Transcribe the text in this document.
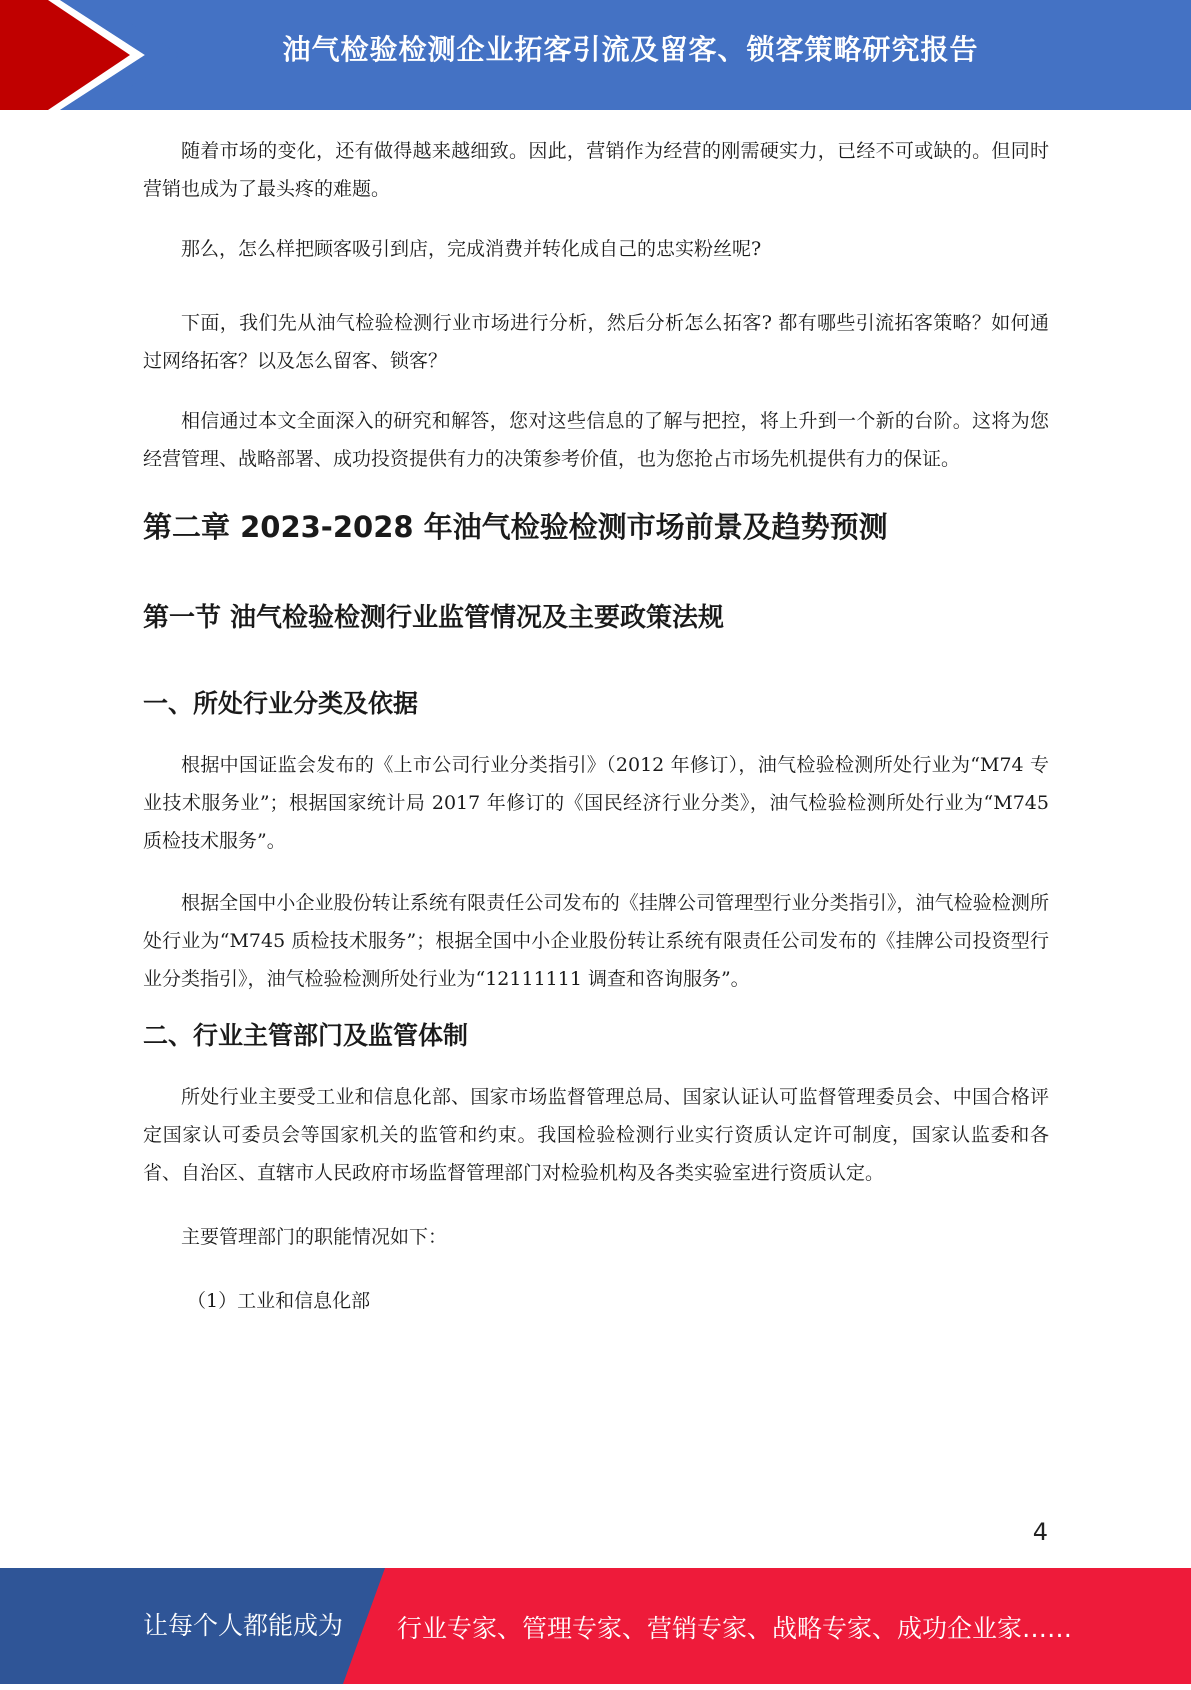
油气检验检测企业拓客引流及留客、锁客策略研究报告

随着市场的变化，还有做得越来越细致。因此，营销作为经营的刚需硬实力，已经不可或缺的。但同时营销也成为了最头疼的难题。

那么，怎么样把顾客吸引到店，完成消费并转化成自己的忠实粉丝呢?

下面，我们先从油气检验检测行业市场进行分析，然后分析怎么拓客? 都有哪些引流拓客策略？如何通过网络拓客？以及怎么留客、锁客？

相信通过本文全面深入的研究和解答，您对这些信息的了解与把控，将上升到一个新的台阶。这将为您经营管理、战略部署、成功投资提供有力的决策参考价值，也为您抢占市场先机提供有力的保证。

第二章 2023-2028 年油气检验检测市场前景及趋势预测
第一节 油气检验检测行业监管情况及主要政策法规
一、所处行业分类及依据

根据中国证监会发布的《上市公司行业分类指引》（2012 年修订），油气检验检测所处行业为“M74 专业技术服务业”；根据国家统计局 2017 年修订的《国民经济行业分类》，油气检验检测所处行业为“M745 质检技术服务”。

根据全国中小企业股份转让系统有限责任公司发布的《挂牌公司管理型行业分类指引》，油气检验检测所处行业为“M745 质检技术服务”；根据全国中小企业股份转让系统有限责任公司发布的《挂牌公司投资型行业分类指引》，油气检验检测所处行业为“12111111 调查和咨询服务”。

二、行业主管部门及监管体制

所处行业主要受工业和信息化部、国家市场监督管理总局、国家认证认可监督管理委员会、中国合格评定国家认可委员会等国家机关的监管和约束。我国检验检测行业实行资质认定许可制度，国家认监委和各省、自治区、直辖市人民政府市场监督管理部门对检验机构及各类实验室进行资质认定。

主要管理部门的职能情况如下：

（1）工业和信息化部

4
让每个人都能成为 行业专家、管理专家、营销专家、战略专家、成功企业家……
